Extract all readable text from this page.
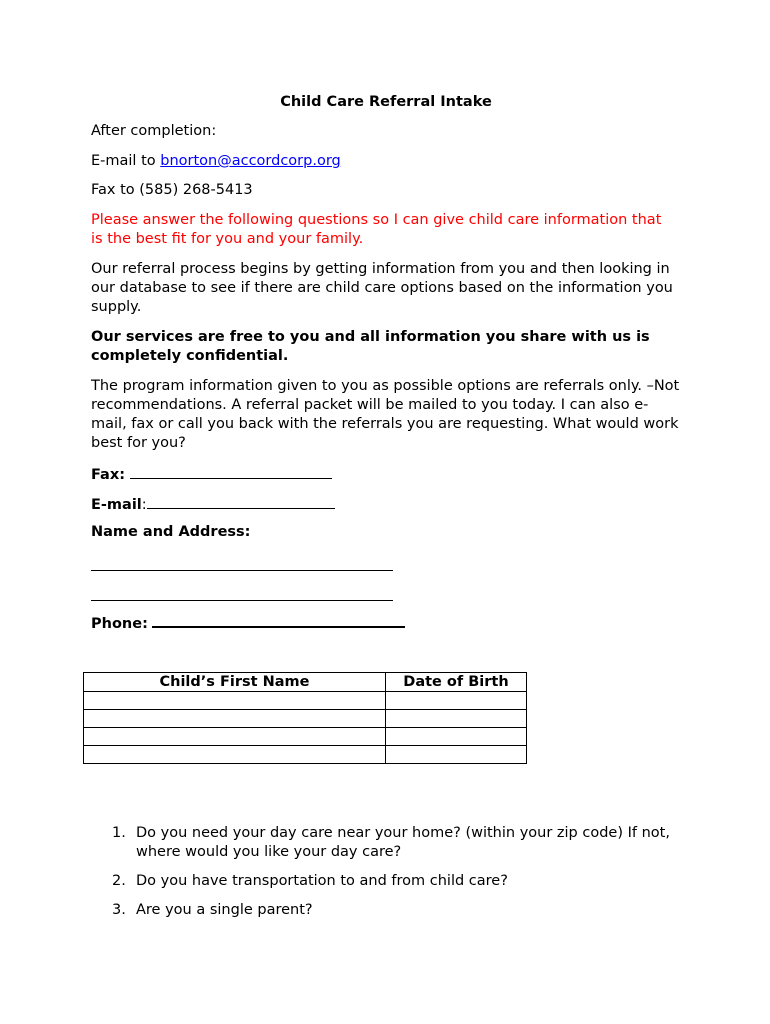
Child Care Referral Intake
After completion:
E-mail to bnorton@accordcorp.org
Fax to (585) 268-5413
Please answer the following questions so I can give child care information that is the best fit for you and your family.
Our referral process begins by getting information from you and then looking in our database to see if there are child care options based on the information you supply.
Our services are free to you and all information you share with us is completely confidential.
The program information given to you as possible options are referrals only. –Not recommendations. A referral packet will be mailed to you today. I can also e-mail, fax or call you back with the referrals you are requesting. What would work best for you?
Fax:
E-mail:
Name and Address:
Phone:
Child’s First Name	Date of Birth

1. Do you need your day care near your home? (within your zip code) If not, where would you like your day care?
2. Do you have transportation to and from child care?
3. Are you a single parent?
